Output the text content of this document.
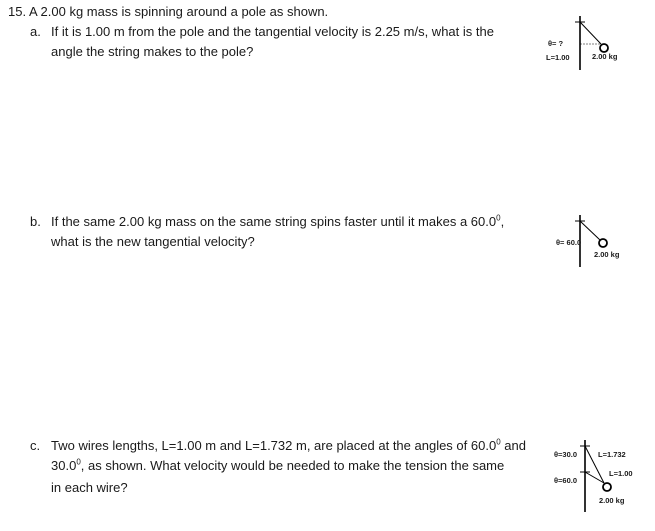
15. A 2.00 kg mass is spinning around a pole as shown.
a. If it is 1.00 m from the pole and the tangential velocity is 2.25 m/s, what is the
angle the string makes to the pole?
θ= ?
L=1.00	2.00 kg
b. If the same 2.00 kg mass on the same string spins faster until it makes a 60.0$^0$,
what is the new tangential velocity?	θ= 60.0
2.00 kg
c. Two wires lengths, L=1.00 m and L=1.732 m, are placed at the angles of 60.0$^0$ and
30.0$^0$, as shown. What velocity would be needed to make the tension the same
in each wire?
θ=30.0	L=1.732
L=1.00
θ=60.0
2.00 kg
